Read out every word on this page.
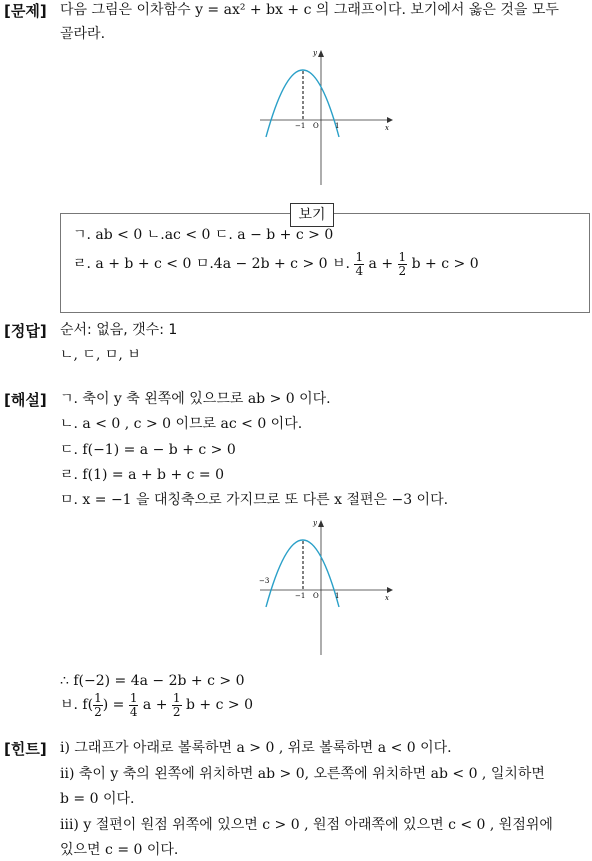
[문제] 다음 그림은 이차함수 y = ax² + bx + c 의 그래프이다. 보기에서 옳은 것을 모두
골라라.
y
x
−1 O 1
ㄱ. ab < 0 ㄴ.ac < 0 ㄷ. a − b + c > 0
ㄹ. a + b + c < 0 ㅁ.4a − 2b + c > 0 ㅂ. $\frac{1}{4}$ $a + \frac{1}{2}$ b + c > 0
보기
[정답] 순서: 없음, 갯수: 1
ㄴ, ㄷ, ㅁ, ㅂ
[해설] ㄱ. 축이 y 축 왼쪽에 있으므로 ab > 0 이다.
ㄴ. a < 0 , c > 0 이므로 ac < 0 이다.
ㄷ. f(−1) = a − b + c > 0
ㄹ. f(1) = a + b + c = 0
ㅁ. x = −1 을 대칭축으로 가지므로 또 다른 x 절편은 −3 이다.
y
x
−3
−1 O 1
∴ f(−2) = 4a − 2b + c > 0
ㅂ. $f( \frac{1}{2}$ ) = $\frac{1}{4}$ $a + \frac{1}{2}$ b + c > 0
[힌트] ⅰ) 그래프가 아래로 볼록하면 a > 0 , 위로 볼록하면 a < 0 이다.
ⅱ) 축이 y 축의 왼쪽에 위치하면 ab > 0, 오른쪽에 위치하면 ab < 0 , 일치하면
b = 0 이다.
ⅲ) y 절편이 원점 위쪽에 있으면 c > 0 , 원점 아래쪽에 있으면 c < 0 , 원점위에
있으면 c = 0 이다.
